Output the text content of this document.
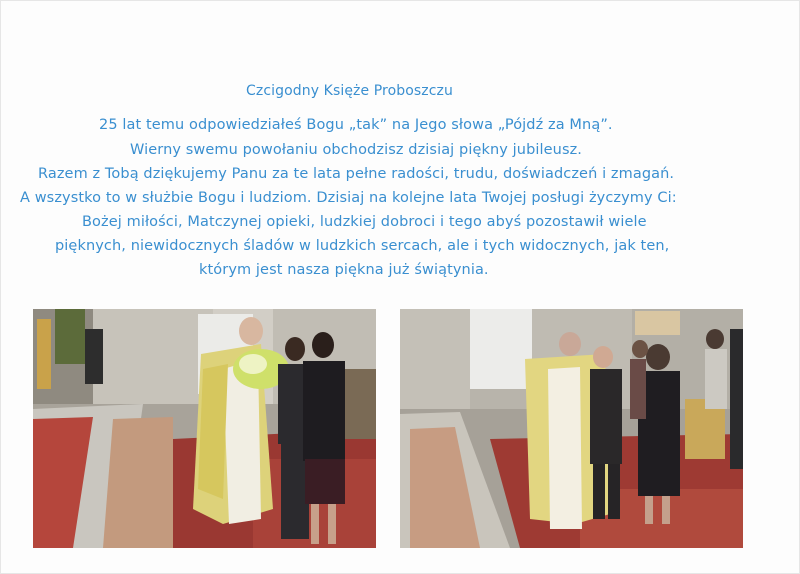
Czcigodny Księże Proboszczu
25 lat temu odpowiedziałeś Bogu „tak” na Jego słowa „Pójdź za Mną”.
Wierny swemu powołaniu obchodzisz dzisiaj piękny jubileusz.
Razem z Tobą dziękujemy Panu za te lata pełne radości, trudu, doświadczeń i zmagań.
A wszystko to w służbie Bogu i ludziom. Dzisiaj na kolejne lata Twojej posługi życzymy Ci:
Bożej miłości, Matczynej opieki, ludzkiej dobroci i tego abyś pozostawił wiele
pięknych, niewidocznych śladów w ludzkich sercach, ale i tych widocznych, jak ten,
którym jest nasza piękna już świątynia.
